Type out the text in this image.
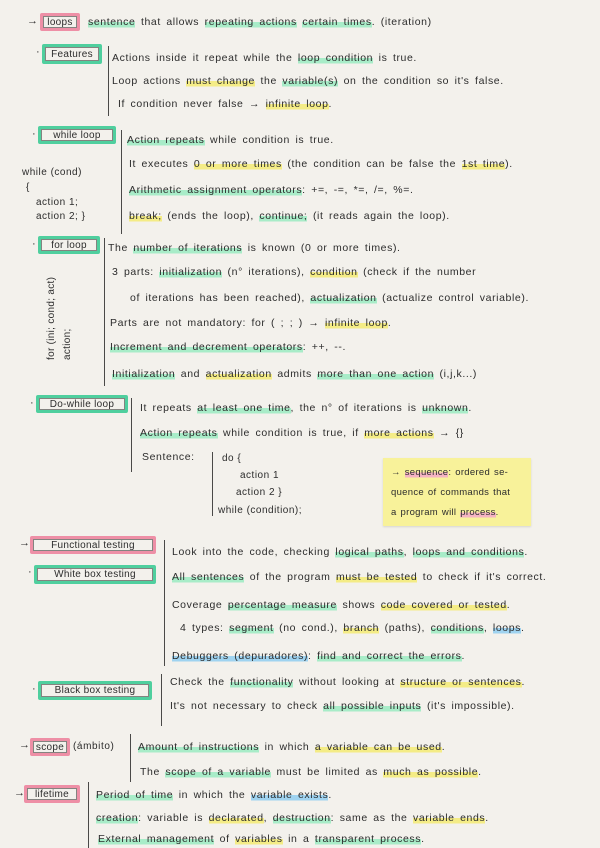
→ loops	sentence that allows repeating actions certain times. (iteration)
·	Features	Actions inside it repeat while the loop condition is true.
Loop actions must change the variable(s) on the condition so it's false.
If condition never false → infinite loop.
·	while loop
while (cond)
{
action 1;
action 2; }
Action repeats while condition is true.
It executes 0 or more times (the condition can be false the 1st time).
Arithmetic assignment operators: +=, -=, *=, /=, %=.
break; (ends the loop), continue; (it reads again the loop).
·	for loop
for (ini; cond; act) action;
The number of iterations is known (0 or more times).
3 parts: initialization (n° iterations), condition (check if the number
of iterations has been reached), actualization (actualize control variable).
Parts are not mandatory: for ( ; ; ) → infinite loop.
Increment and decrement operators: ++, --.
Initialization and actualization admits more than one action (i,j,k...)
·	Do-while loop	It repeats at least one time, the n° of iterations is unknown.
Action repeats while condition is true, if more actions → {}
Sentence:	do {
action 1
action 2 }
while (condition);
→ sequence: ordered se-
quence of commands that
a program will process.
→	Functional testing
·	White box testing
Look into the code, checking logical paths, loops and conditions.
All sentences of the program must be tested to check if it's correct.
Coverage percentage measure shows code covered or tested.
4 types: segment (no cond.), branch (paths), conditions, loops.
Debuggers (depuradores): find and correct the errors.
·	Black box testing
Check the functionality without looking at structure or sentences.
It's not necessary to check all possible inputs (it's impossible).
→ scope (ámbito) Amount of instructions in which a variable can be used.
The scope of a variable must be limited as much as possible.
→ lifetime	Period of time in which the variable exists.
creation: variable is declarated, destruction: same as the variable ends.
External management of variables in a transparent process.
